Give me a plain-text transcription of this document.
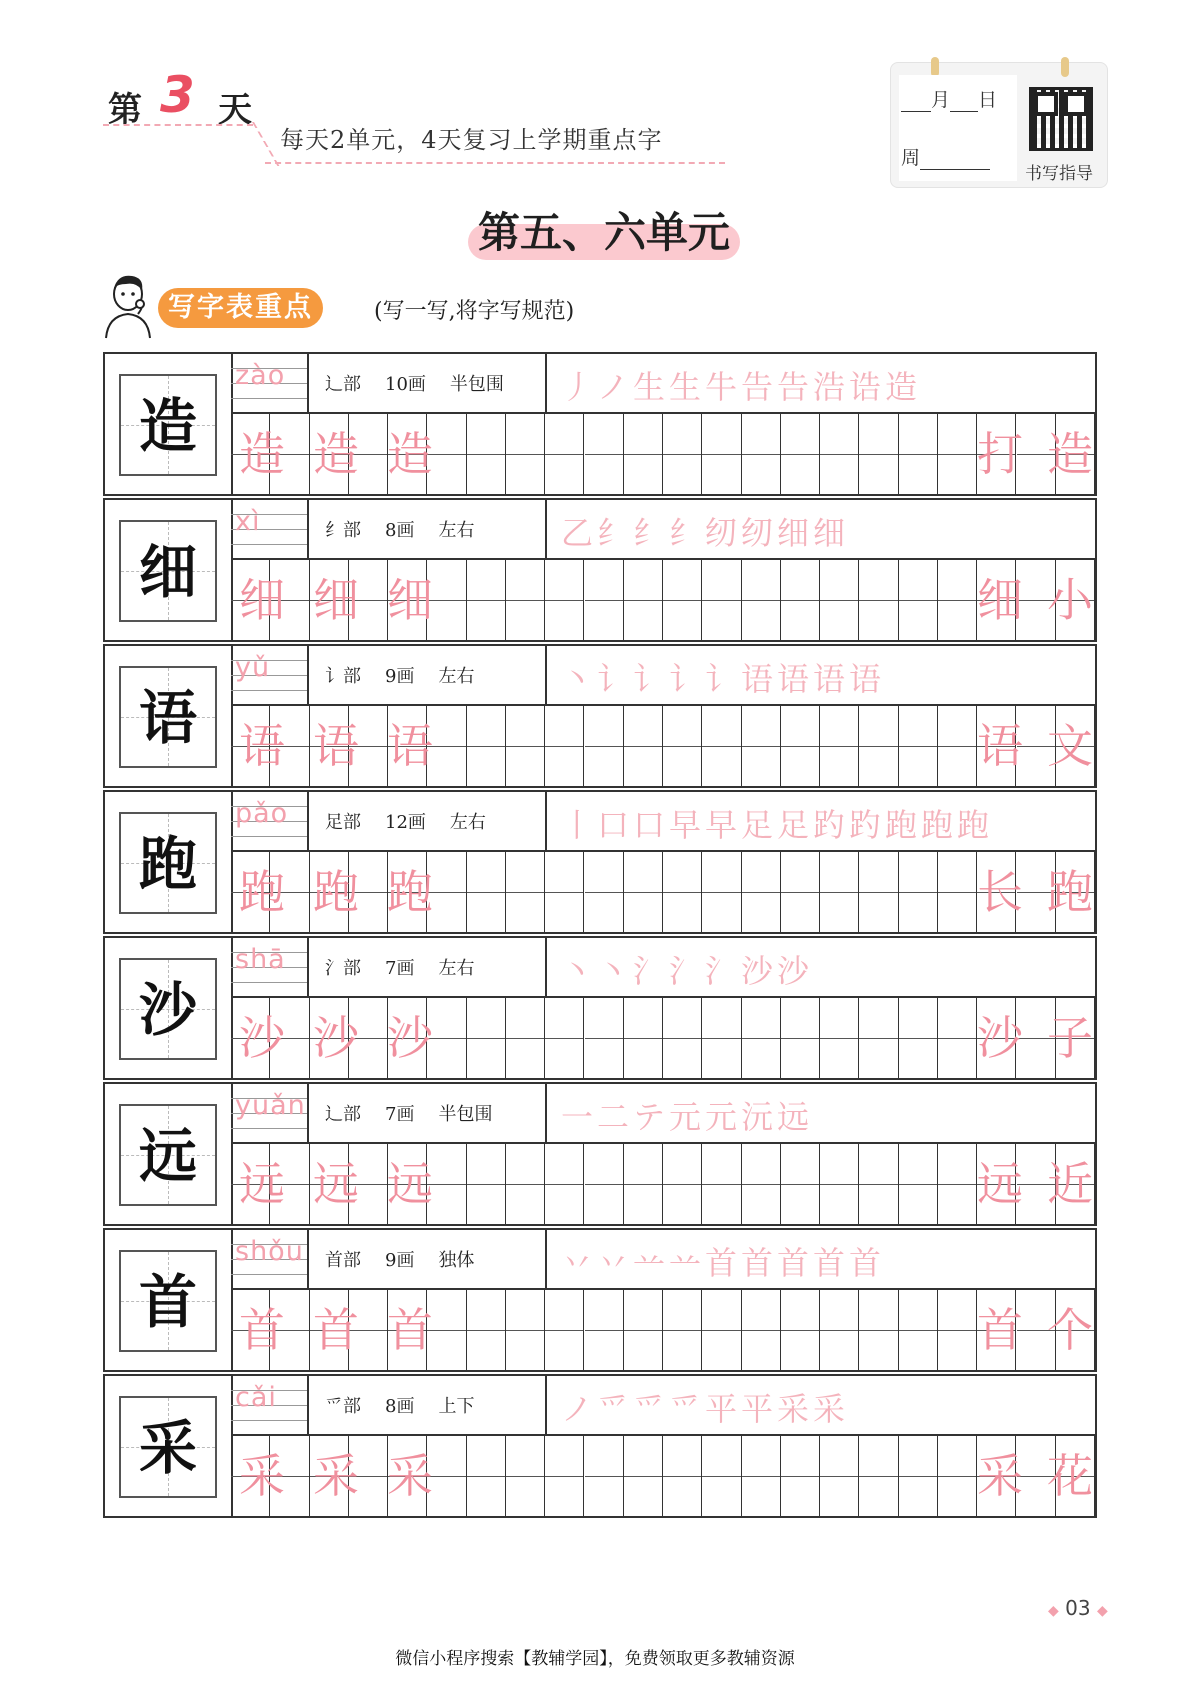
第 3 天
每天2单元，4天复习上学期重点字
月 日
周
书写指导
第五、六单元
写字表重点	(写一写,将字写规范)
造
zào 辶部 10画 半包围	丿ノ生生牛告告浩诰造
造 造 造	打 造
细
xì	纟部 8画 左右	乙纟纟纟纫纫细细
细 细 细	细 小
语
yǔ	讠部 9画 左右	丶讠讠讠讠语语语语
语 语 语	语 文
跑
pǎo 足部 12画 左右	丨口口早早足足趵趵跑跑跑
跑 跑 跑	长 跑
沙
shā 氵部 7画 左右	丶丶氵氵氵沙沙
沙 沙 沙	沙 子
远
yuǎn 辶部 7画 半包围	一二テ元元沅远
远 远 远	远 近
首
shǒu 首部 9画 独体	丷丷䒑䒑首首首首首
首 首 首	首 个
采
cǎi	爫部 8画 上下	ノ爫爫爫平平采采
采 采 采	采 花
◆ 03 ◆
微信小程序搜索【教辅学园】，免费领取更多教辅资源
